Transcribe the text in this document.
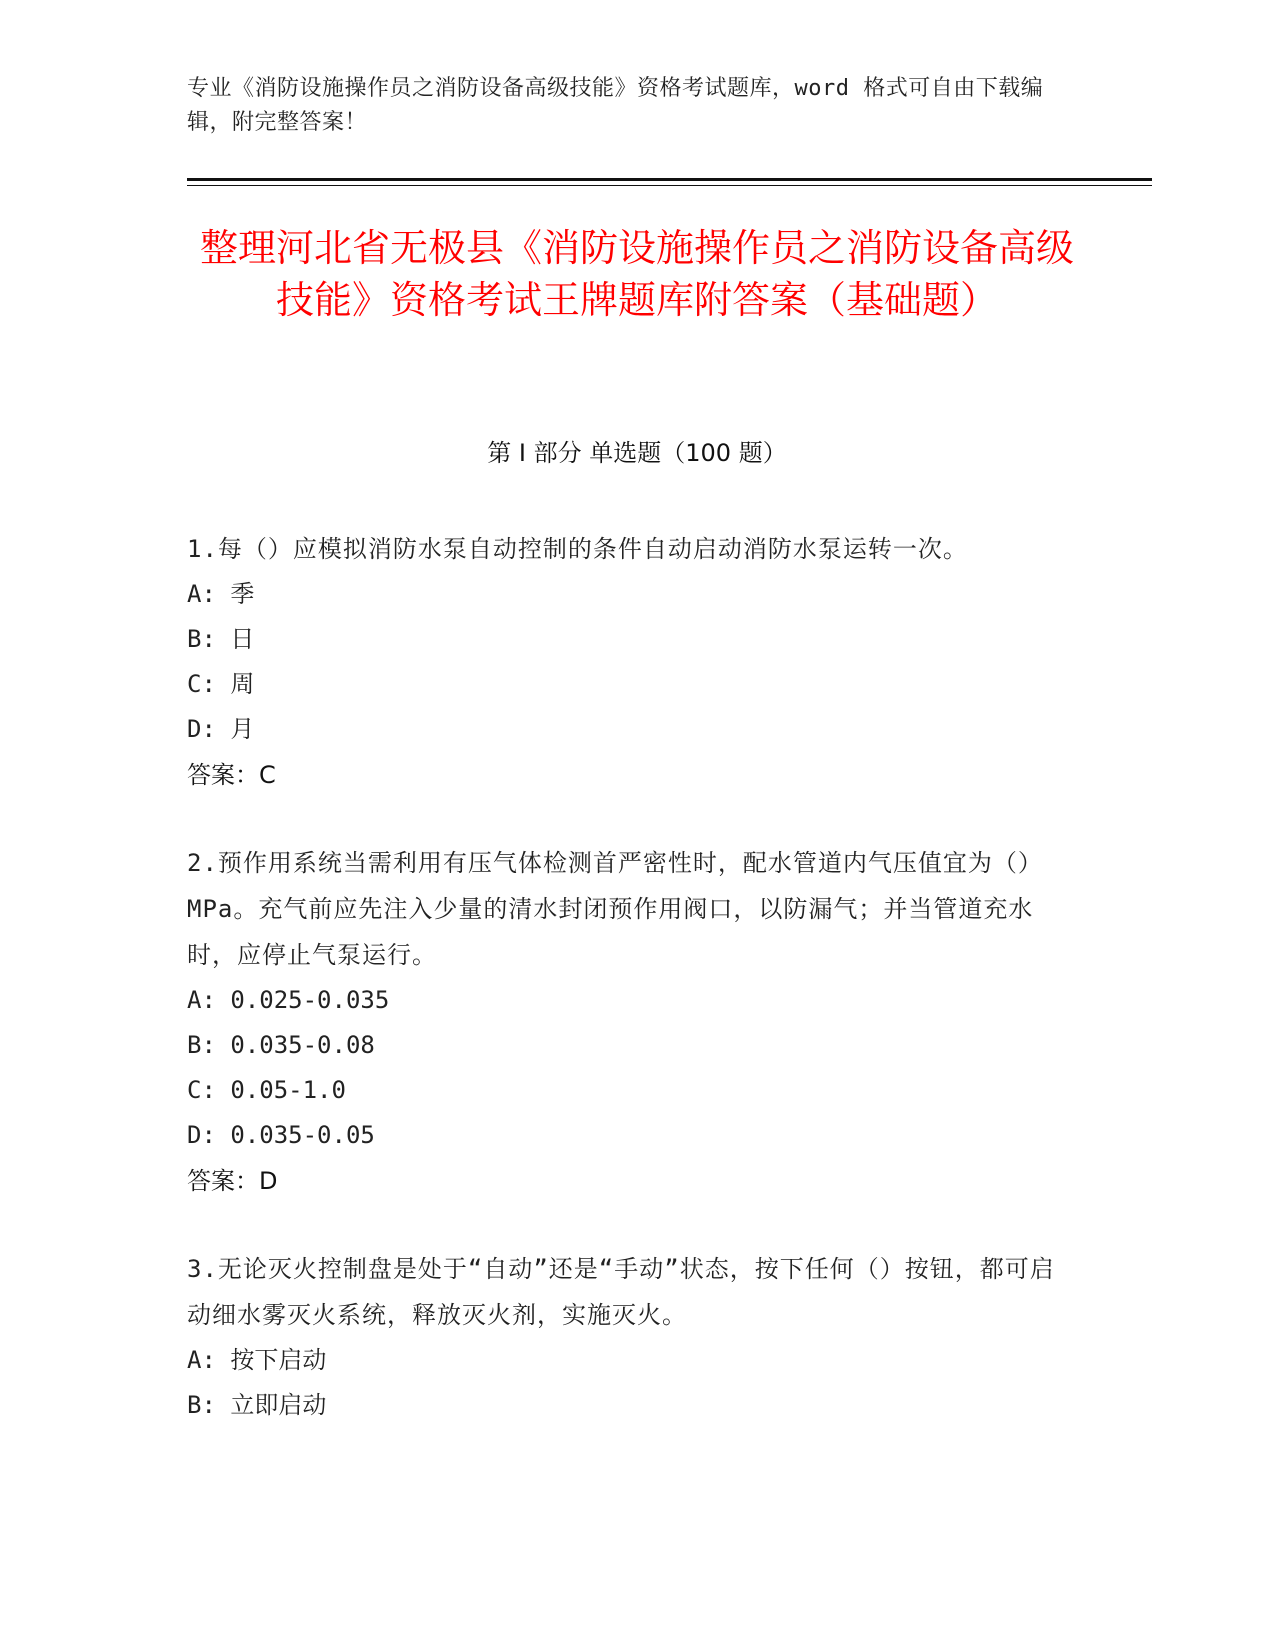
专业《消防设施操作员之消防设备高级技能》资格考试题库，word 格式可自由下载编辑，附完整答案！
整理河北省无极县《消防设施操作员之消防设备高级技能》资格考试王牌题库附答案（基础题）
第 I 部分 单选题（100 题）

1.每（）应模拟消防水泵自动控制的条件自动启动消防水泵运转一次。

A: 季

B: 日

C: 周

D: 月

答案：C

2.预作用系统当需利用有压气体检测首严密性时，配水管道内气压值宜为（）MPa。充气前应先注入少量的清水封闭预作用阀口，以防漏气；并当管道充水时，应停止气泵运行。

A: 0.025-0.035

B: 0.035-0.08

C: 0.05-1.0

D: 0.035-0.05

答案：D

3.无论灭火控制盘是处于“自动”还是“手动”状态，按下任何（）按钮，都可启动细水雾灭火系统，释放灭火剂，实施灭火。

A: 按下启动

B: 立即启动
